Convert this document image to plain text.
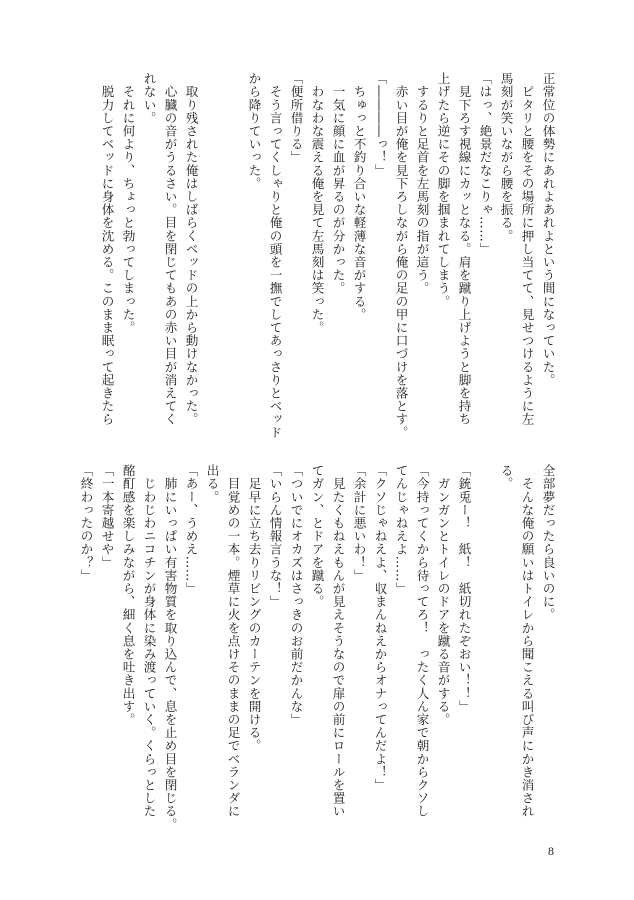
正常位の体勢にあれよあれよという間になっていた。
　ピタリと腰をその場所に押し当てて、見せつけるように左
馬刻が笑いながら腰を振る。
「はっ、絶景だなこりゃ……」
　見下ろす視線にカッとなる。肩を蹴り上げようと脚を持ち
上げたら逆にその脚を掴まれてしまう。
　するりと足首を左馬刻の指が這う。
　赤い目が俺を見下ろしながら俺の足の甲に口づけを落とす。
「――――っ！」
　ちゅっと不釣り合いな軽薄な音がする。
　一気に顔に血が昇るのが分かった。
　わなわな震える俺を見て左馬刻は笑った。
「便所借りる」
　そう言ってくしゃりと俺の頭を一撫でしてあっさりとベッド
から降りていった。
　取り残された俺はしばらくベッドの上から動けなかった。
　心臓の音がうるさい。目を閉じてもあの赤い目が消えてく
れない。
　それに何より、ちょっと勃ってしまった。
　脱力してベッドに身体を沈める。このまま眠って起きたら
全部夢だったら良いのに。
　そんな俺の願いはトイレから聞こえる叫び声にかき消され
る。
「銃兎ー！　紙！　紙切れたぞおい！！」
　ガンガンとトイレのドアを蹴る音がする。
「今持ってくから待ってろ！　ったく人ん家で朝からクソし
てんじゃねえよ……」
「クソじゃねえよ、収まんねえからオナってんだよ！」
「余計に悪いわ！」
　見たくもねえもんが見えそうなので扉の前にロールを置い
てガン、とドアを蹴る。
「ついでにオカズはさっきのお前だかんな」
「いらん情報言うな！」
　足早に立ち去りリビングのカーテンを開ける。
　目覚めの一本。煙草に火を点けそのままの足でベランダに
出る。
「あー、うめえ……」
　肺にいっぱい有害物質を取り込んで、息を止め目を閉じる。
　じわじわニコチンが身体に染み渡っていく。くらっとした
酩酊感を楽しみながら、細く息を吐き出す。
「一本寄越せや」
「終わったのか？」
8
